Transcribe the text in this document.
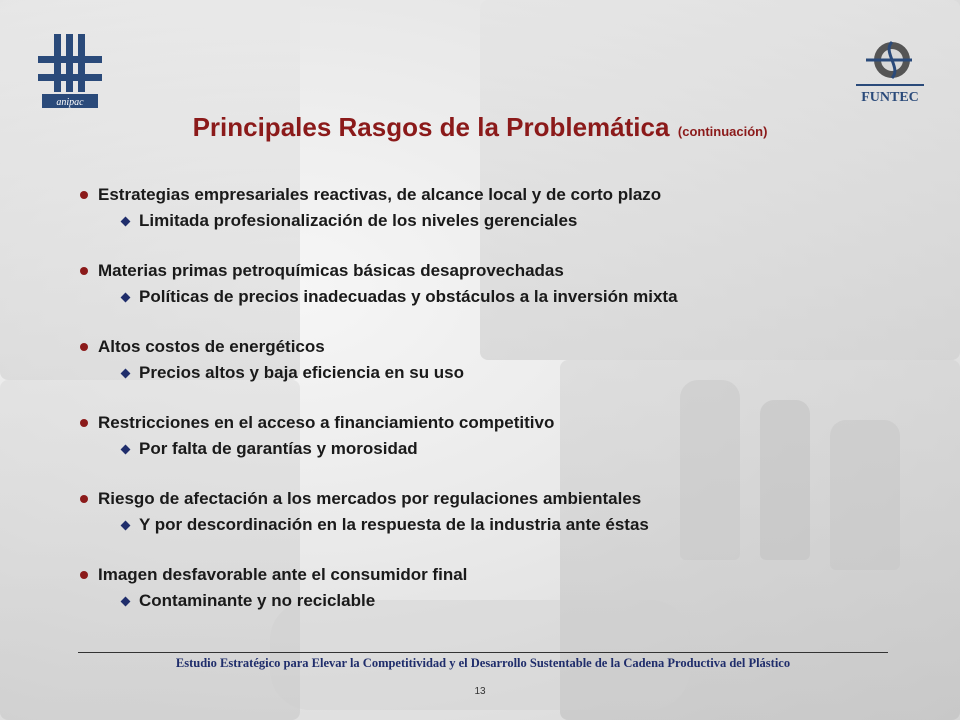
anipac	FUNTEC
Principales Rasgos de la Problemática (continuación)
Estrategias empresariales reactivas, de alcance local y de corto plazo
Limitada profesionalización de los niveles gerenciales
Materias primas petroquímicas básicas desaprovechadas
Políticas de precios inadecuadas y obstáculos a la inversión mixta
Altos costos de energéticos
Precios altos y baja eficiencia en su uso
Restricciones en el acceso a financiamiento competitivo
Por falta de garantías y morosidad
Riesgo de afectación a los mercados por regulaciones ambientales
Y por descordinación en la respuesta de la industria ante éstas
Imagen desfavorable ante el consumidor final
Contaminante y no reciclable
Estudio Estratégico para Elevar la Competitividad y el Desarrollo Sustentable de la Cadena Productiva del Plástico
13
